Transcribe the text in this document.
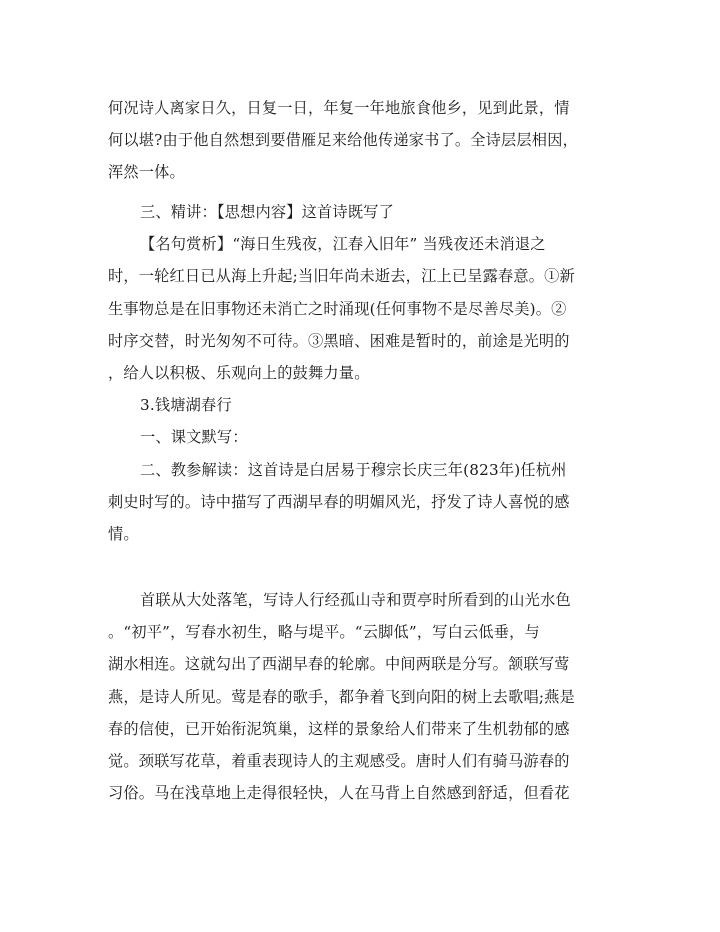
何况诗人离家日久，日复一日，年复一年地旅食他乡，见到此景，情
何以堪?由于他自然想到要借雁足来给他传递家书了。全诗层层相因，
浑然一体。
三、精讲：【思想内容】这首诗既写了
【名句赏析】“海日生残夜，江春入旧年” 当残夜还未消退之
时，一轮红日已从海上升起;当旧年尚未逝去，江上已呈露春意。①新
生事物总是在旧事物还未消亡之时涌现(任何事物不是尽善尽美)。②
时序交替，时光匆匆不可待。③黑暗、困难是暂时的，前途是光明的
，给人以积极、乐观向上的鼓舞力量。
3.钱塘湖春行
一、课文默写：
二、教参解读：这首诗是白居易于穆宗长庆三年(823年)任杭州
刺史时写的。诗中描写了西湖早春的明媚风光，抒发了诗人喜悦的感
情。
首联从大处落笔，写诗人行经孤山寺和贾亭时所看到的山光水色
。“初平”，写春水初生，略与堤平。“云脚低”，写白云低垂，与
湖水相连。这就勾出了西湖早春的轮廓。中间两联是分写。颔联写莺
燕，是诗人所见。莺是春的歌手，都争着飞到向阳的树上去歌唱;燕是
春的信使，已开始衔泥筑巢，这样的景象给人们带来了生机勃郁的感
觉。颈联写花草，着重表现诗人的主观感受。唐时人们有骑马游春的
习俗。马在浅草地上走得很轻快，人在马背上自然感到舒适，但看花
